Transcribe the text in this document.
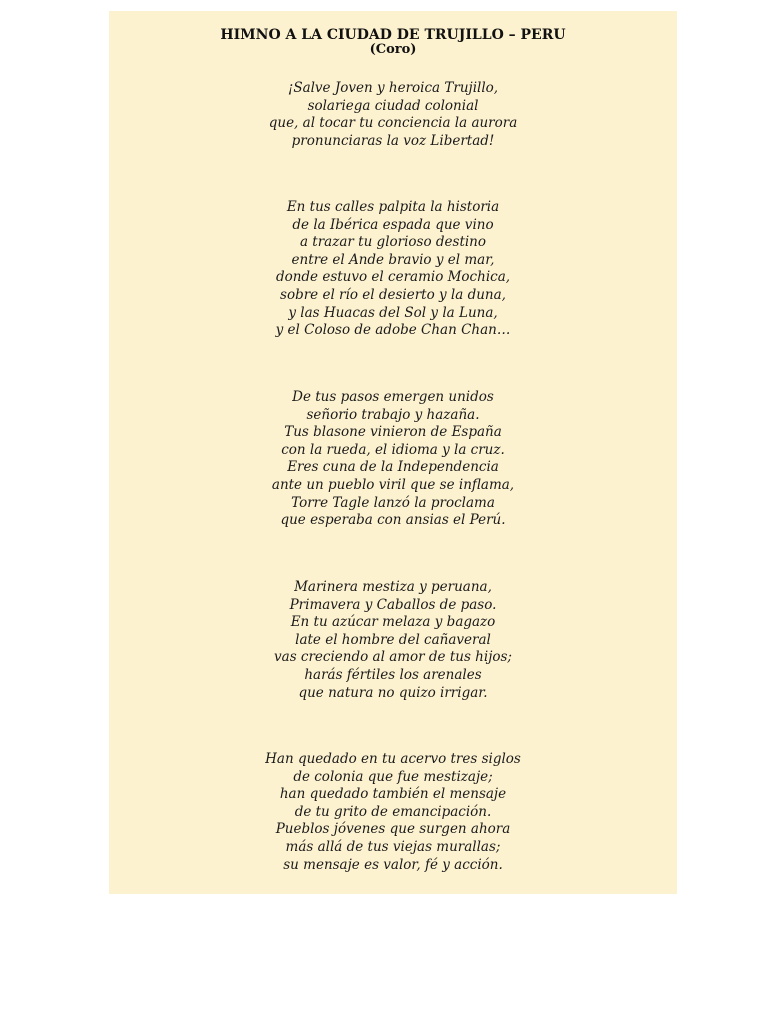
HIMNO A LA CIUDAD DE TRUJILLO – PERU
(Coro)
¡Salve Joven y heroica Trujillo,
solariega ciudad colonial
que, al tocar tu conciencia la aurora
pronunciaras la voz Libertad!
En tus calles palpita la historia
de la Ibérica espada que vino
a trazar tu glorioso destino
entre el Ande bravio y el mar,
donde estuvo el ceramio Mochica,
sobre el río el desierto y la duna,
y las Huacas del Sol y la Luna,
y el Coloso de adobe Chan Chan…
De tus pasos emergen unidos
señorio trabajo y hazaña.
Tus blasone vinieron de España
con la rueda, el idioma y la cruz.
Eres cuna de la Independencia
ante un pueblo viril que se inflama,
Torre Tagle lanzó la proclama
que esperaba con ansias el Perú.
Marinera mestiza y peruana,
Primavera y Caballos de paso.
En tu azúcar melaza y bagazo
late el hombre del cañaveral
vas creciendo al amor de tus hijos;
harás fértiles los arenales
que natura no quizo irrigar.
Han quedado en tu acervo tres siglos
de colonia que fue mestizaje;
han quedado también el mensaje
de tu grito de emancipación.
Pueblos jóvenes que surgen ahora
más allá de tus viejas murallas;
su mensaje es valor, fé y acción.
